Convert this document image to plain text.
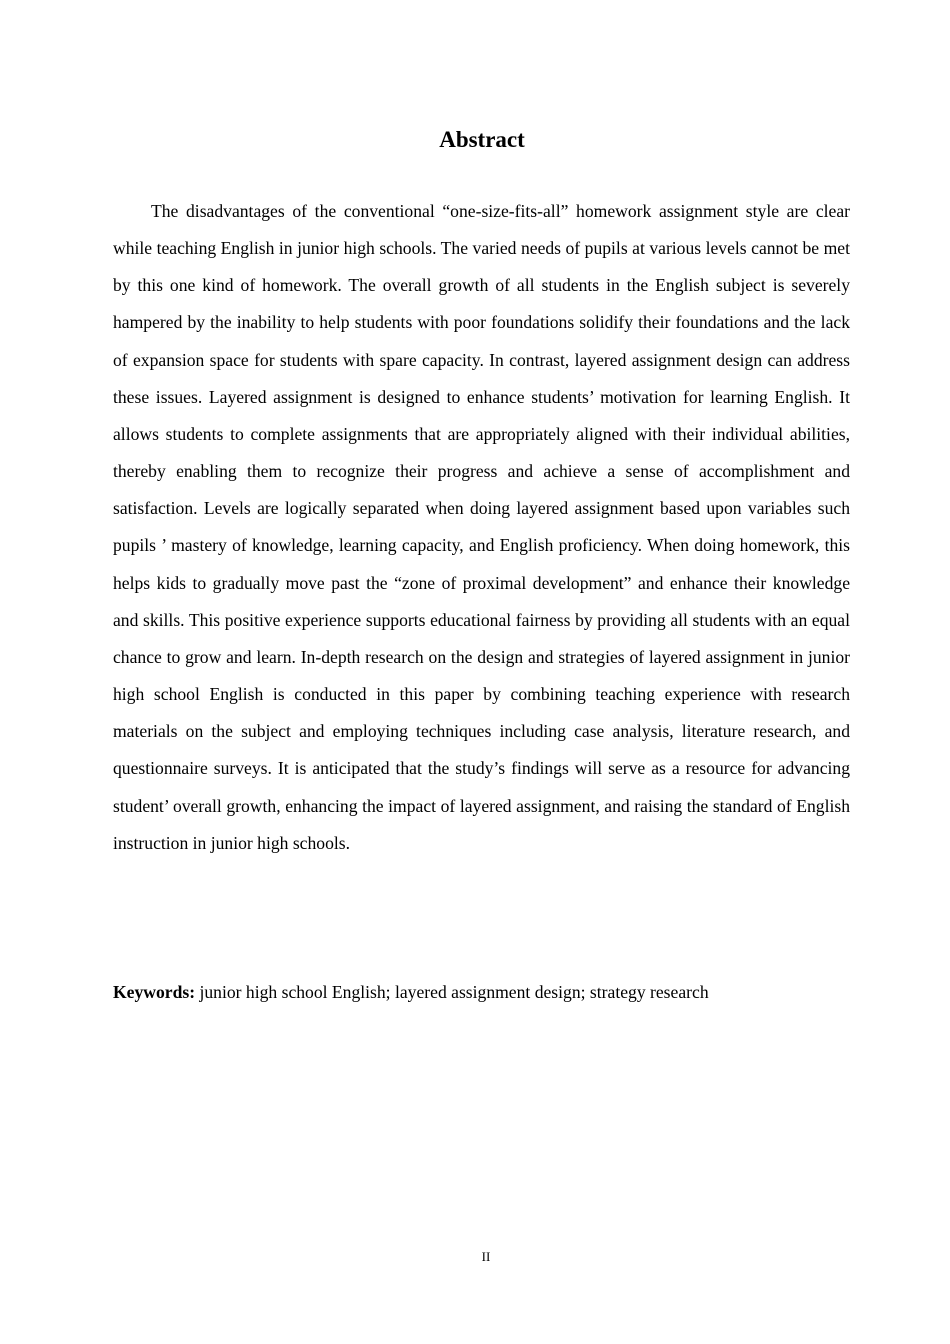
Abstract

The disadvantages of the conventional “one-size-fits-all” homework assignment style are clear while teaching English in junior high schools. The varied needs of pupils at various levels cannot be met by this one kind of homework. The overall growth of all students in the English subject is severely hampered by the inability to help students with poor foundations solidify their foundations and the lack of expansion space for students with spare capacity. In contrast, layered assignment design can address these issues. Layered assignment is designed to enhance students’ motivation for learning English. It allows students to complete assignments that are appropriately aligned with their individual abilities, thereby enabling them to recognize their progress and achieve a sense of accomplishment and satisfaction. Levels are logically separated when doing layered assignment based upon variables such pupils ’ mastery of knowledge, learning capacity, and English proficiency. When doing homework, this helps kids to gradually move past the “zone of proximal development” and enhance their knowledge and skills. This positive experience supports educational fairness by providing all students with an equal chance to grow and learn. In-depth research on the design and strategies of layered assignment in junior high school English is conducted in this paper by combining teaching experience with research materials on the subject and employing techniques including case analysis, literature research, and questionnaire surveys. It is anticipated that the study’s findings will serve as a resource for advancing student’ overall growth, enhancing the impact of layered assignment, and raising the standard of English instruction in junior high schools.

Keywords: junior high school English; layered assignment design; strategy research

II
